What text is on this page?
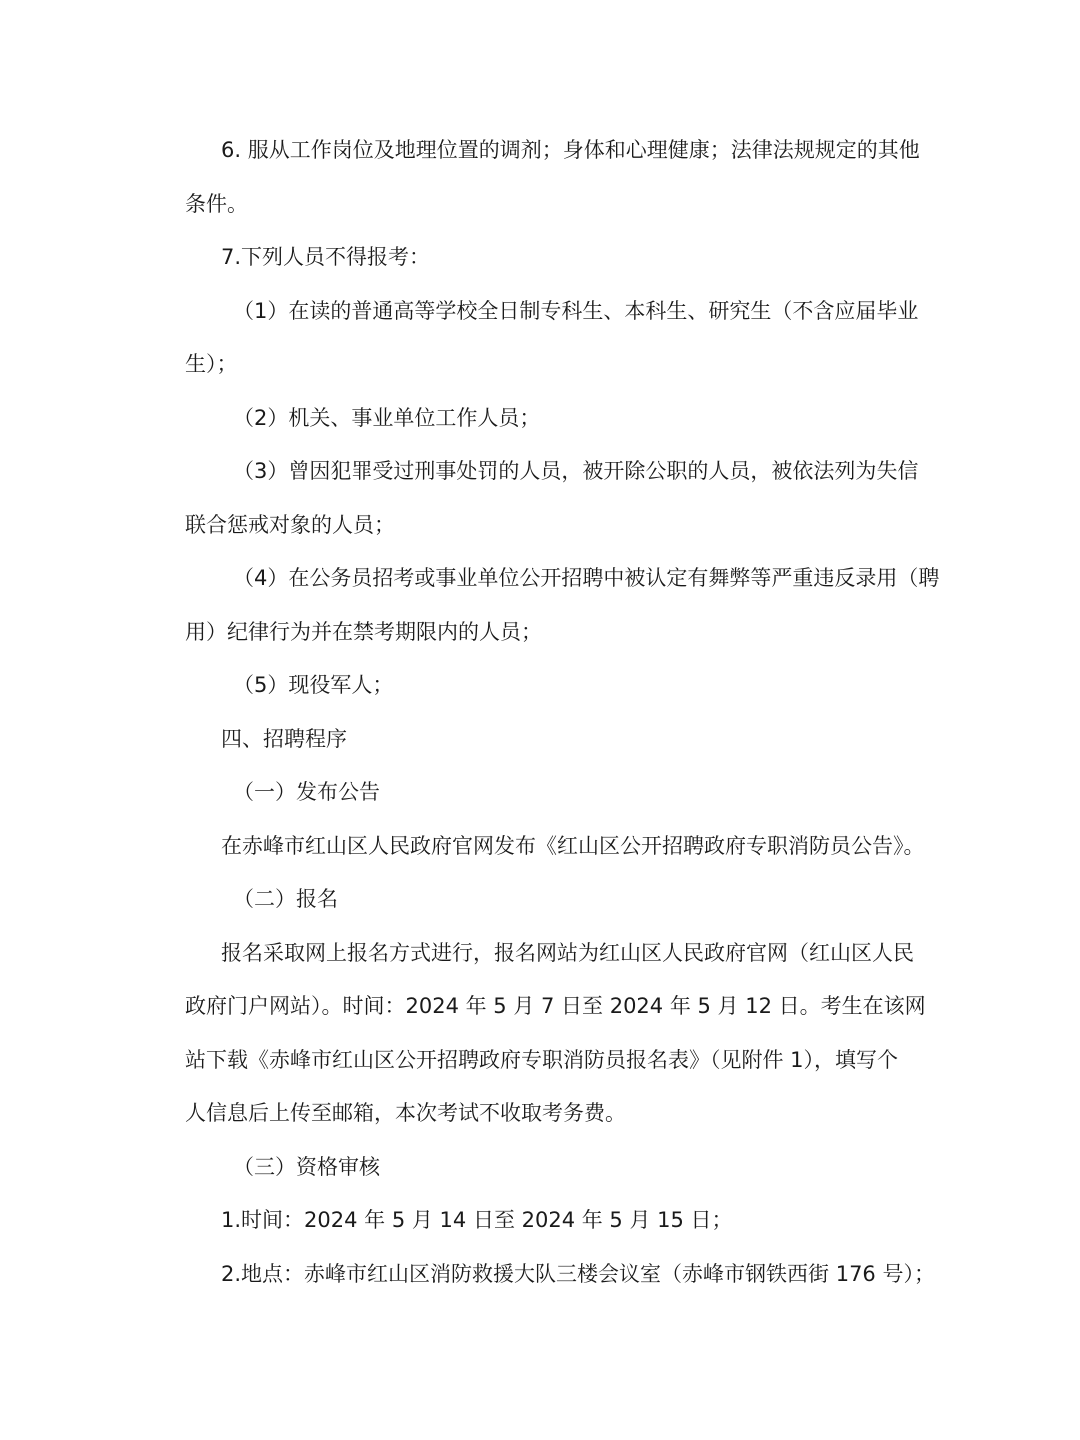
6. 服从工作岗位及地理位置的调剂；身体和心理健康；法律法规规定的其他

条件。

7.下列人员不得报考：

（1）在读的普通高等学校全日制专科生、本科生、研究生（不含应届毕业

生）；

（2）机关、事业单位工作人员；

（3）曾因犯罪受过刑事处罚的人员，被开除公职的人员，被依法列为失信

联合惩戒对象的人员；

（4）在公务员招考或事业单位公开招聘中被认定有舞弊等严重违反录用（聘

用）纪律行为并在禁考期限内的人员；

（5）现役军人；

四、招聘程序

（一）发布公告

在赤峰市红山区人民政府官网发布《红山区公开招聘政府专职消防员公告》。

（二）报名

报名采取网上报名方式进行，报名网站为红山区人民政府官网（红山区人民

政府门户网站）。时间：2024 年 5 月 7 日至 2024 年 5 月 12 日。考生在该网

站下载《赤峰市红山区公开招聘政府专职消防员报名表》（见附件 1），填写个

人信息后上传至邮箱，本次考试不收取考务费。

（三）资格审核

1.时间：2024 年 5 月 14 日至 2024 年 5 月 15 日；

2.地点：赤峰市红山区消防救援大队三楼会议室（赤峰市钢铁西街 176 号）；
